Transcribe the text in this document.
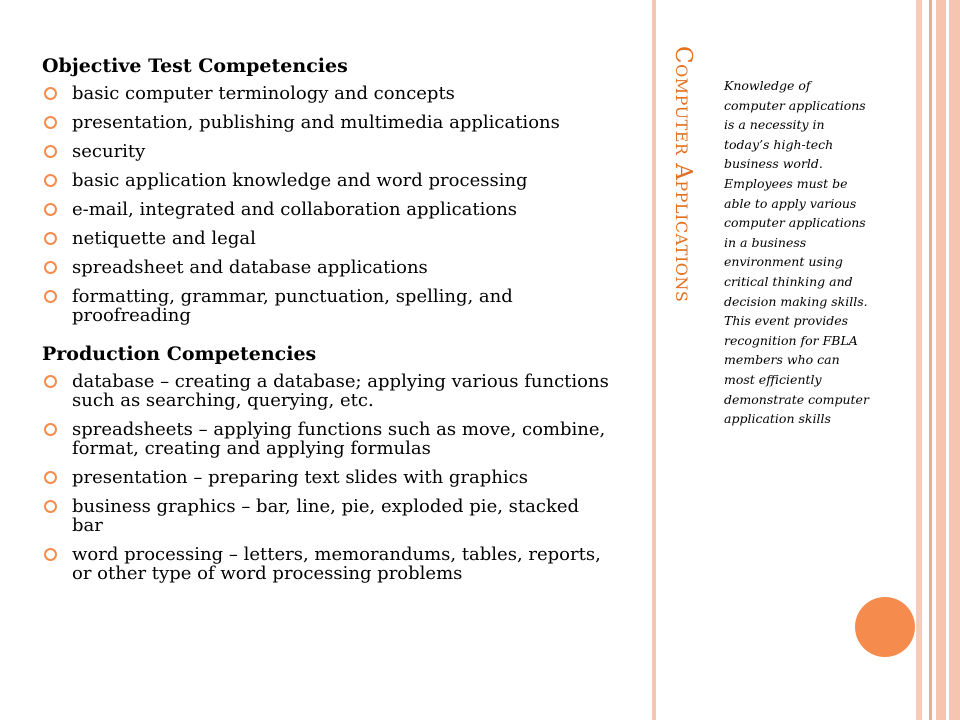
Objective Test Competencies
basic computer terminology and concepts
presentation, publishing and multimedia applications
security
basic application knowledge and word processing
e-mail, integrated and collaboration applications
netiquette and legal
spreadsheet and database applications
formatting, grammar, punctuation, spelling, and proofreading
Production Competencies
database – creating a database; applying various functions such as searching, querying, etc.
spreadsheets – applying functions such as move, combine, format, creating and applying formulas
presentation – preparing text slides with graphics
business graphics – bar, line, pie, exploded pie, stacked bar
word processing – letters, memorandums, tables, reports, or other type of word processing problems
Computer Applications Knowledge of computer applications is a necessity in today’s high-tech business world. Employees must be able to apply various computer applications in a business environment using critical thinking and decision making skills. This event provides recognition for FBLA members who can most efficiently demonstrate computer application skills
